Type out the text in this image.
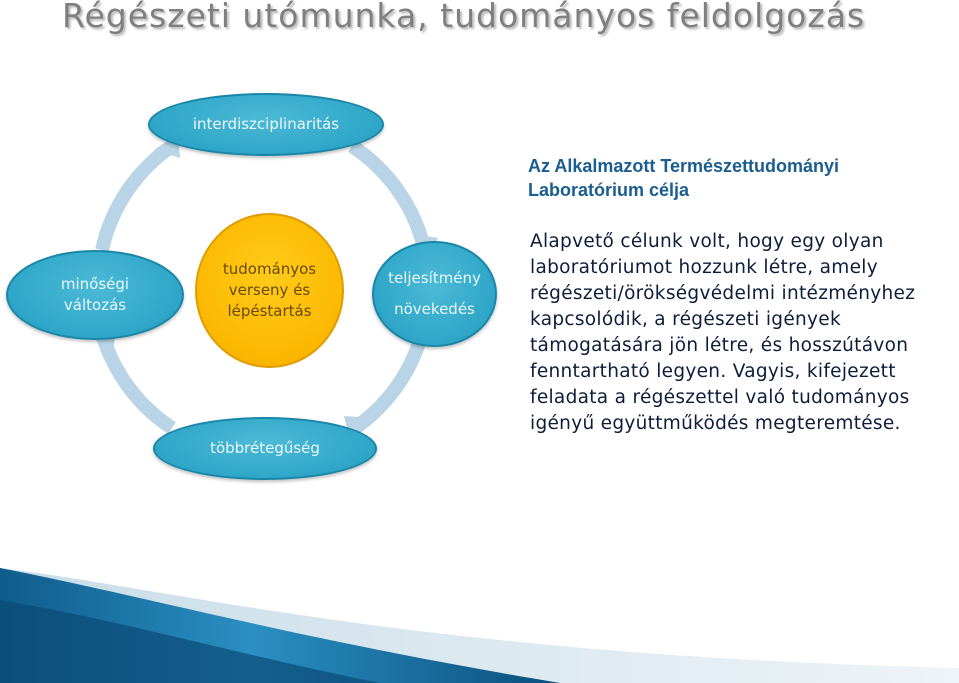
Régészeti utómunka, tudományos feldolgozás
interdiszciplinaritás
minőségi
változás
tudományos
verseny és
lépéstartás
teljesítmény
növekedés
többrétegűség
Az Alkalmazott Természettudományi
Laboratórium célja
Alapvető célunk volt, hogy egy olyan
laboratóriumot hozzunk létre, amely
régészeti/örökségvédelmi intézményhez
kapcsolódik, a régészeti igények
támogatására jön létre, és hosszútávon
fenntartható legyen. Vagyis, kifejezett
feladata a régészettel való tudományos
igényű együttműködés megteremtése.
